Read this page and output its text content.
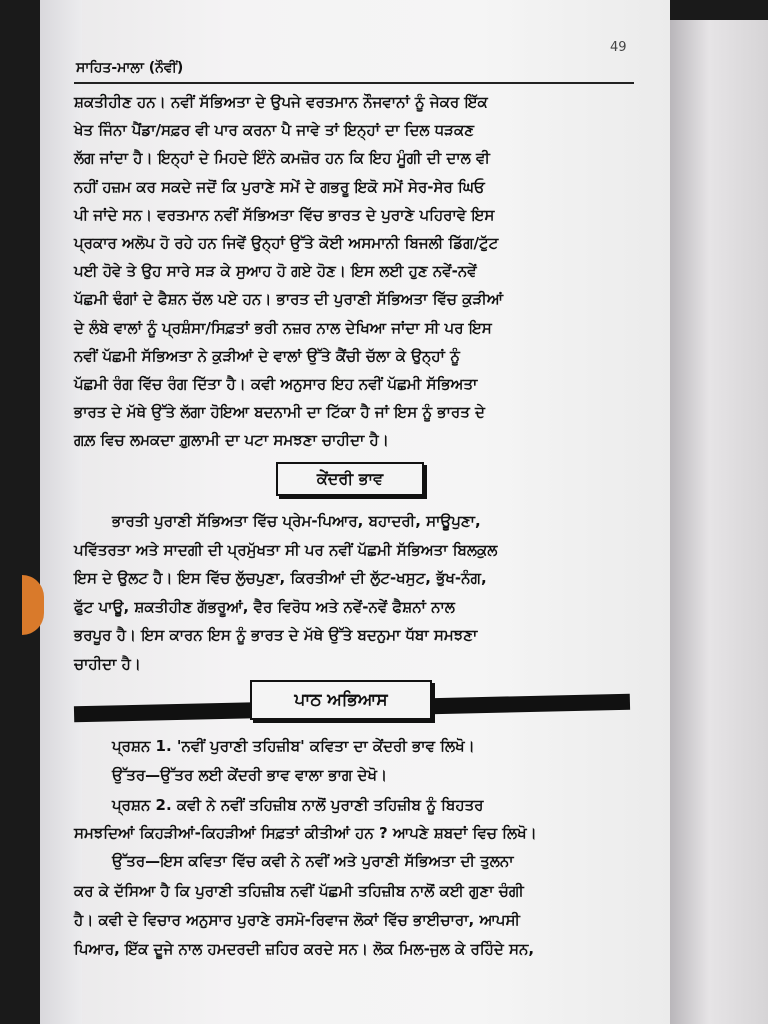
49
ਸਾਹਿਤ-ਮਾਲਾ (ਨੌਵੀਂ)
ਸ਼ਕਤੀਹੀਣ ਹਨ। ਨਵੀਂ ਸੱਭਿਅਤਾ ਦੇ ਉਪਜੇ ਵਰਤਮਾਨ ਨੌਜਵਾਨਾਂ ਨੂੰ ਜੇਕਰ ਇੱਕ
ਖੇਤ ਜਿੰਨਾ ਪੈਂਡਾ/ਸਫ਼ਰ ਵੀ ਪਾਰ ਕਰਨਾ ਪੈ ਜਾਵੇ ਤਾਂ ਇਨ੍ਹਾਂ ਦਾ ਦਿਲ ਧੜਕਣ
ਲੱਗ ਜਾਂਦਾ ਹੈ। ਇਨ੍ਹਾਂ ਦੇ ਮਿਹਦੇ ਇੰਨੇ ਕਮਜ਼ੋਰ ਹਨ ਕਿ ਇਹ ਮੂੰਗੀ ਦੀ ਦਾਲ ਵੀ
ਨਹੀਂ ਹਜ਼ਮ ਕਰ ਸਕਦੇ ਜਦੋਂ ਕਿ ਪੁਰਾਣੇ ਸਮੇਂ ਦੇ ਗਭਰੂ ਇਕੋ ਸਮੇਂ ਸੇਰ-ਸੇਰ ਘਿਓ
ਪੀ ਜਾਂਦੇ ਸਨ। ਵਰਤਮਾਨ ਨਵੀਂ ਸੱਭਿਅਤਾ ਵਿੱਚ ਭਾਰਤ ਦੇ ਪੁਰਾਣੇ ਪਹਿਰਾਵੇ ਇਸ
ਪ੍ਰਕਾਰ ਅਲੋਪ ਹੋ ਰਹੇ ਹਨ ਜਿਵੇਂ ਉਨ੍ਹਾਂ ਉੱਤੇ ਕੋਈ ਅਸਮਾਨੀ ਬਿਜਲੀ ਡਿੱਗ/ਟੁੱਟ
ਪਈ ਹੋਵੇ ਤੇ ਉਹ ਸਾਰੇ ਸੜ ਕੇ ਸੁਆਹ ਹੋ ਗਏ ਹੋਣ। ਇਸ ਲਈ ਹੁਣ ਨਵੇਂ-ਨਵੇਂ
ਪੱਛਮੀ ਢੰਗਾਂ ਦੇ ਫੈਸ਼ਨ ਚੱਲ ਪਏ ਹਨ। ਭਾਰਤ ਦੀ ਪੁਰਾਣੀ ਸੱਭਿਅਤਾ ਵਿੱਚ ਕੁੜੀਆਂ
ਦੇ ਲੰਬੇ ਵਾਲਾਂ ਨੂੰ ਪ੍ਰਸ਼ੰਸਾ/ਸਿਫ਼ਤਾਂ ਭਰੀ ਨਜ਼ਰ ਨਾਲ ਦੇਖਿਆ ਜਾਂਦਾ ਸੀ ਪਰ ਇਸ
ਨਵੀਂ ਪੱਛਮੀ ਸੱਭਿਅਤਾ ਨੇ ਕੁੜੀਆਂ ਦੇ ਵਾਲਾਂ ਉੱਤੇ ਕੈਂਚੀ ਚੱਲਾ ਕੇ ਉਨ੍ਹਾਂ ਨੂੰ
ਪੱਛਮੀ ਰੰਗ ਵਿੱਚ ਰੰਗ ਦਿੱਤਾ ਹੈ। ਕਵੀ ਅਨੁਸਾਰ ਇਹ ਨਵੀਂ ਪੱਛਮੀ ਸੱਭਿਅਤਾ
ਭਾਰਤ ਦੇ ਮੱਥੇ ਉੱਤੇ ਲੱਗਾ ਹੋਇਆ ਬਦਨਾਮੀ ਦਾ ਟਿੱਕਾ ਹੈ ਜਾਂ ਇਸ ਨੂੰ ਭਾਰਤ ਦੇ
ਗਲ਼ ਵਿਚ ਲਮਕਦਾ ਗ਼ੁਲਾਮੀ ਦਾ ਪਟਾ ਸਮਝਣਾ ਚਾਹੀਦਾ ਹੈ।
ਕੇਂਦਰੀ ਭਾਵ
ਭਾਰਤੀ ਪੁਰਾਣੀ ਸੱਭਿਅਤਾ ਵਿੱਚ ਪ੍ਰੇਮ-ਪਿਆਰ, ਬਹਾਦਰੀ, ਸਾਊਪੁਣਾ,
ਪਵਿੱਤਰਤਾ ਅਤੇ ਸਾਦਗੀ ਦੀ ਪ੍ਰਮੁੱਖਤਾ ਸੀ ਪਰ ਨਵੀਂ ਪੱਛਮੀ ਸੱਭਿਅਤਾ ਬਿਲਕੁਲ
ਇਸ ਦੇ ਉਲਟ ਹੈ। ਇਸ ਵਿੱਚ ਲੁੱਚਪੁਣਾ, ਕਿਰਤੀਆਂ ਦੀ ਲੁੱਟ-ਖਸੁਟ, ਭੁੱਖ-ਨੰਗ,
ਫੁੱਟ ਪਾਊ, ਸ਼ਕਤੀਹੀਣ ਗੱਭਰੂਆਂ, ਵੈਰ ਵਿਰੋਧ ਅਤੇ ਨਵੇਂ-ਨਵੇਂ ਫੈਸ਼ਨਾਂ ਨਾਲ
ਭਰਪੂਰ ਹੈ। ਇਸ ਕਾਰਨ ਇਸ ਨੂੰ ਭਾਰਤ ਦੇ ਮੱਥੇ ਉੱਤੇ ਬਦਨੁਮਾ ਧੱਬਾ ਸਮਝਣਾ
ਚਾਹੀਦਾ ਹੈ।
ਪਾਠ ਅਭਿਆਸ
ਪ੍ਰਸ਼ਨ 1. 'ਨਵੀਂ ਪੁਰਾਣੀ ਤਹਿਜ਼ੀਬ' ਕਵਿਤਾ ਦਾ ਕੇਂਦਰੀ ਭਾਵ ਲਿਖੋ।
ਉੱਤਰ—ਉੱਤਰ ਲਈ ਕੇਂਦਰੀ ਭਾਵ ਵਾਲਾ ਭਾਗ ਦੇਖੋ।
ਪ੍ਰਸ਼ਨ 2. ਕਵੀ ਨੇ ਨਵੀਂ ਤਹਿਜ਼ੀਬ ਨਾਲੋਂ ਪੁਰਾਣੀ ਤਹਿਜ਼ੀਬ ਨੂੰ ਬਿਹਤਰ
ਸਮਝਦਿਆਂ ਕਿਹੜੀਆਂ-ਕਿਹੜੀਆਂ ਸਿਫ਼ਤਾਂ ਕੀਤੀਆਂ ਹਨ ? ਆਪਣੇ ਸ਼ਬਦਾਂ ਵਿਚ ਲਿਖੋ।
ਉੱਤਰ—ਇਸ ਕਵਿਤਾ ਵਿੱਚ ਕਵੀ ਨੇ ਨਵੀਂ ਅਤੇ ਪੁਰਾਣੀ ਸੱਭਿਅਤਾ ਦੀ ਤੁਲਨਾ
ਕਰ ਕੇ ਦੱਸਿਆ ਹੈ ਕਿ ਪੁਰਾਣੀ ਤਹਿਜ਼ੀਬ ਨਵੀਂ ਪੱਛਮੀ ਤਹਿਜ਼ੀਬ ਨਾਲੋਂ ਕਈ ਗੁਣਾ ਚੰਗੀ
ਹੈ। ਕਵੀ ਦੇ ਵਿਚਾਰ ਅਨੁਸਾਰ ਪੁਰਾਣੇ ਰਸਮੋ-ਰਿਵਾਜ ਲੋਕਾਂ ਵਿੱਚ ਭਾਈਚਾਰਾ, ਆਪਸੀ
ਪਿਆਰ, ਇੱਕ ਦੂਜੇ ਨਾਲ ਹਮਦਰਦੀ ਜ਼ਹਿਰ ਕਰਦੇ ਸਨ। ਲੋਕ ਮਿਲ-ਜੁਲ ਕੇ ਰਹਿੰਦੇ ਸਨ,
